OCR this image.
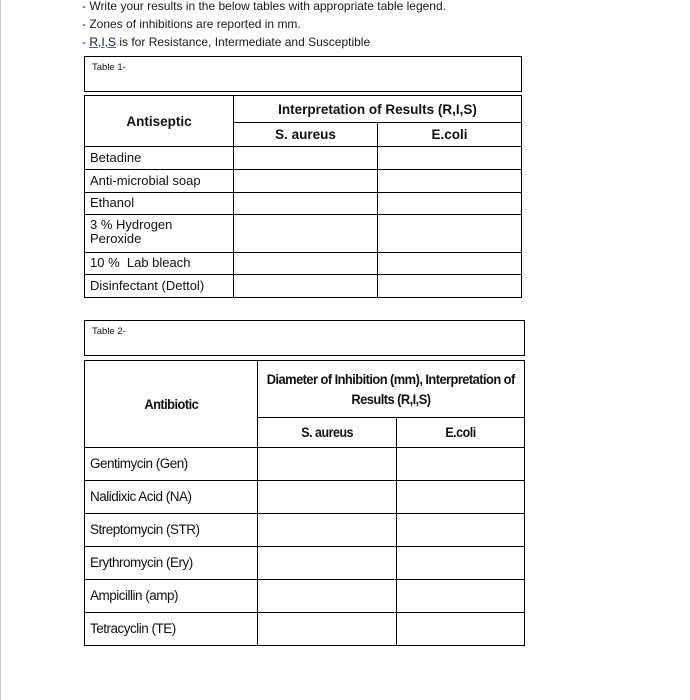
- Write your results in the below tables with appropriate table legend.
- Zones of inhibitions are reported in mm.
- R,I,S is for Resistance, Intermediate and Susceptible
Table 1-
Antiseptic
Interpretation of Results (R,I,S)
S. aureus	E.coli
Betadine
Anti-microbial soap
Ethanol
3 % Hydrogen Peroxide
10 %  Lab bleach
Disinfectant (Dettol)
Table 2-
Antibiotic
Diameter of Inhibition (mm), Interpretation of
Results (R,I,S)
S. aureus	E.coli
Gentimycin (Gen)
Nalidixic Acid (NA)
Streptomycin (STR)
Erythromycin (Ery)
Ampicillin (amp)
Tetracyclin (TE)
